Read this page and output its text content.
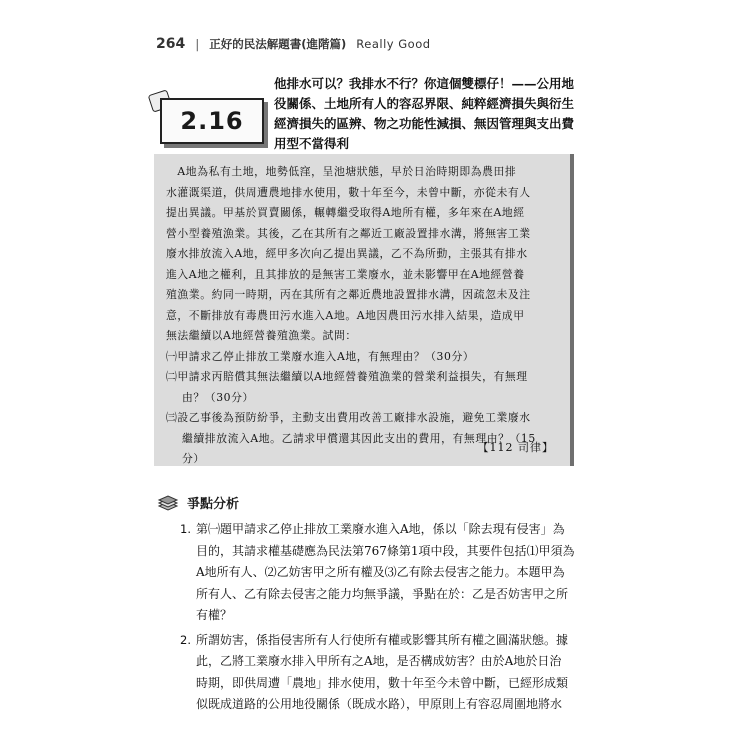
264 | 正好的民法解題書(進階篇) Really Good
2.16
他排水可以？我排水不行？你這個雙標仔！——公用地
役關係、土地所有人的容忍界限、純粹經濟損失與衍生
經濟損失的區辨、物之功能性減損、無因管理與支出費
用型不當得利
　A地為私有土地，地勢低窪，呈池塘狀態，早於日治時期即為農田排
水灌溉渠道，供周遭農地排水使用，數十年至今，未曾中斷，亦從未有人
提出異議。甲基於買賣關係，輾轉繼受取得A地所有權，多年來在A地經
營小型養殖漁業。其後，乙在其所有之鄰近工廠設置排水溝，將無害工業
廢水排放流入A地，經甲多次向乙提出異議，乙不為所動，主張其有排水
進入A地之權利，且其排放的是無害工業廢水，並未影響甲在A地經營養
殖漁業。約同一時期，丙在其所有之鄰近農地設置排水溝，因疏忽未及注
意，不斷排放有毒農田污水進入A地。A地因農田污水排入結果，造成甲
無法繼續以A地經營養殖漁業。試問：
㈠甲請求乙停止排放工業廢水進入A地，有無理由？（30分）
㈡甲請求丙賠償其無法繼續以A地經營養殖漁業的營業利益損失，有無理
由？（30分）
㈢設乙事後為預防紛爭，主動支出費用改善工廠排水設施，避免工業廢水
繼續排放流入A地。乙請求甲償還其因此支出的費用，有無理由？（15
分）
【112 司律】
爭點分析
1. 第㈠題甲請求乙停止排放工業廢水進入A地，係以「除去現有侵害」為
目的，其請求權基礎應為民法第767條第1項中段，其要件包括⑴甲須為
A地所有人、⑵乙妨害甲之所有權及⑶乙有除去侵害之能力。本題甲為
所有人、乙有除去侵害之能力均無爭議，爭點在於：乙是否妨害甲之所
有權？
2. 所謂妨害，係指侵害所有人行使所有權或影響其所有權之圓滿狀態。據
此，乙將工業廢水排入甲所有之A地，是否構成妨害？由於A地於日治
時期，即供周遭「農地」排水使用，數十年至今未曾中斷，已經形成類
似既成道路的公用地役關係（既成水路），甲原則上有容忍周圍地將水
